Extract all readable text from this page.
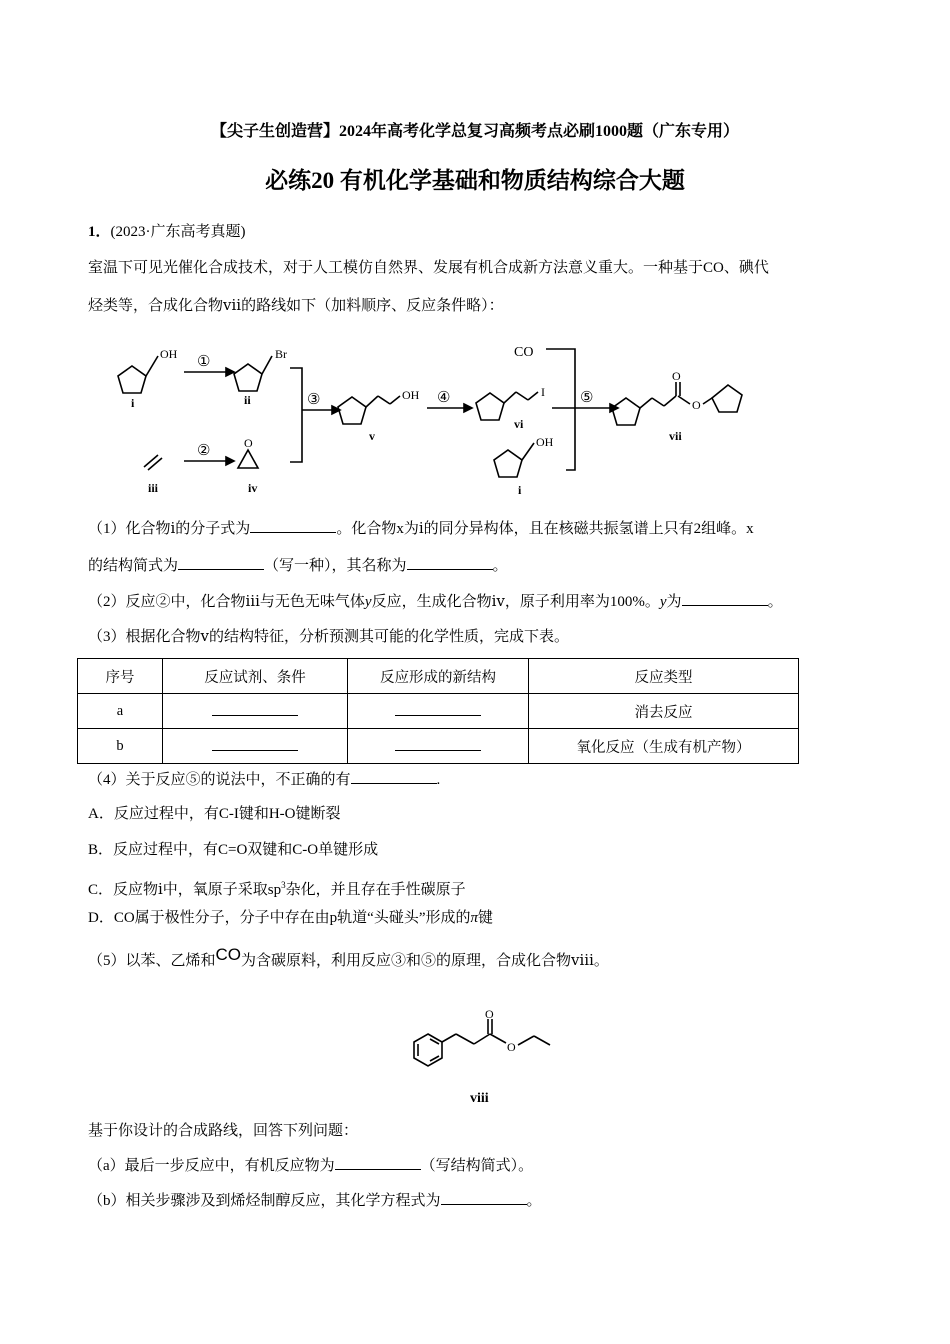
【尖子生创造营】2024年高考化学总复习高频考点必刷1000题（广东专用）
必练20 有机化学基础和物质结构综合大题
1．(2023·广东高考真题)
室温下可见光催化合成技术，对于人工模仿自然界、发展有机合成新方法意义重大。一种基于CO、碘代
烃类等，合成化合物ⅶ的路线如下（加料顺序、反应条件略）：
OH
i
①	Br
ii
iii
②	O
iv
③	OH
v
④	I
vi
CO
OH
i
⑤
O
O
vii
（1）化合物ⅰ的分子式为	。化合物x为ⅰ的同分异构体，且在核磁共振氢谱上只有2组峰。x
的结构简式为	（写一种），其名称为	。
（2）反应②中，化合物ⅲ与无色无味气体y反应，生成化合物ⅳ，原子利用率为100%。y为	。
（3）根据化合物ⅴ的结构特征，分析预测其可能的化学性质，完成下表。
序号	反应试剂、条件	反应形成的新结构	反应类型
a			消去反应
b			氧化反应（生成有机产物）
（4）关于反应⑤的说法中，不正确的有	.
A．反应过程中，有C-I键和H-O键断裂
B．反应过程中，有C=O双键和C-O单键形成
C．反应物ⅰ中，氧原子采取$sp^3$杂化，并且存在手性碳原子
D．CO属于极性分子，分子中存在由p轨道“头碰头”形成的π键
（5）以苯、乙烯和CO为含碳原料，利用反应③和⑤的原理，合成化合物ⅷ。
O
O
viii
基于你设计的合成路线，回答下列问题：
（a）最后一步反应中，有机反应物为	（写结构简式）。
（b）相关步骤涉及到烯烃制醇反应，其化学方程式为	。
